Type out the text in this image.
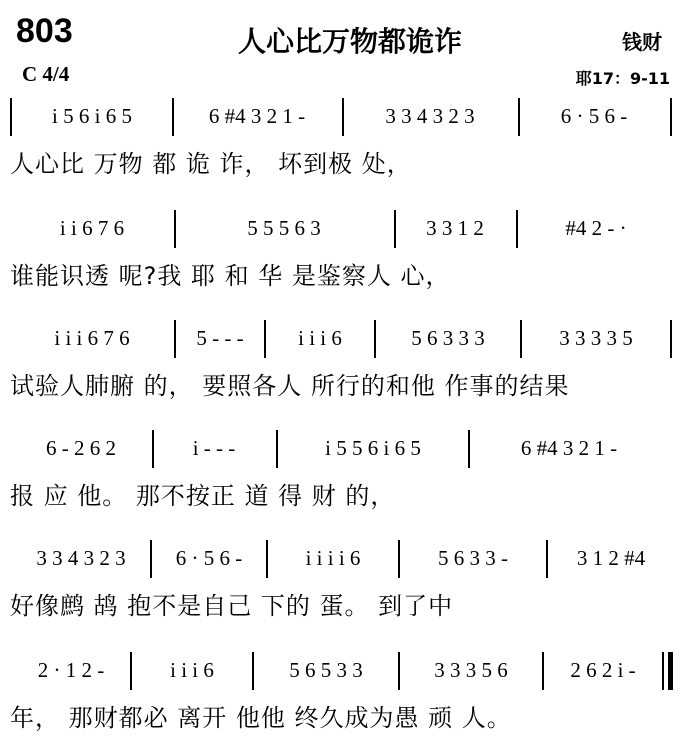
803	人心比万物都诡诈	钱财
C 4/4	耶17：9-11
i 5 6 i 6 5	6 #4 3 2 1 -	3 3 4 3 2 3	6 · 5 6 -
人心比 万物 都 诡 诈， 坏到极 处，
i i 6 7 6	5 5 5 6 3	3 3 1 2	#4 2 - ·
谁能识透 呢?我 耶 和 华 是鉴察人 心，
i i i 6 7 6	5 - - -	i i i 6	5 6 3 3 3	3 3 3 3 5
试验人肺腑 的， 要照各人 所行的和他 作事的结果
6 - 2 6 2	i - - -	i 5 5 6 i 6 5	6 #4 3 2 1 -
报 应 他。 那不按正 道 得 财 的，
3 3 4 3 2 3	6 · 5 6 -	i i i i 6	5 6 3 3 -	3 1 2 #4
好像鹧 鸪 抱不是自己 下的 蛋。 到了中
2 · 1 2 -	i i i 6	5 6 5 3 3	3 3 3 5 6	2 6 2 i -
年， 那财都必 离开 他他 终久成为愚 顽 人。
